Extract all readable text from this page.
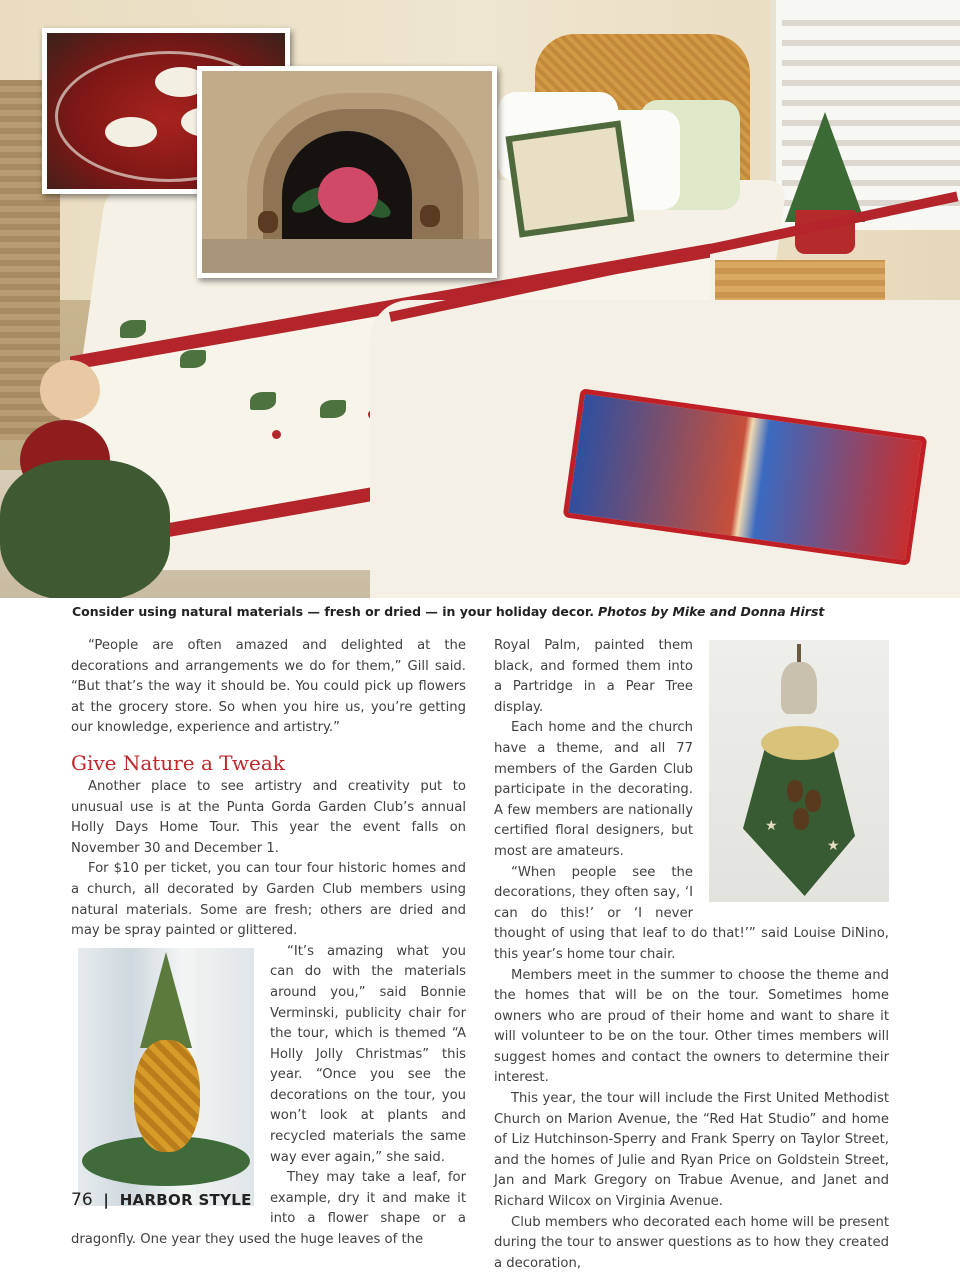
Consider using natural materials — fresh or dried — in your holiday decor. Photos by Mike and Donna Hirst

“People are often amazed and delighted at the decorations and arrangements we do for them,” Gill said. “But that’s the way it should be. You could pick up flowers at the grocery store. So when you hire us, you’re getting our knowledge, experience and artistry.”

Give Nature a Tweak

Another place to see artistry and creativity put to unusual use is at the Punta Gorda Garden Club’s annual Holly Days Home Tour. This year the event falls on November 30 and December 1.

For $10 per ticket, you can tour four historic homes and a church, all decorated by Garden Club members using natural materials. Some are fresh; others are dried and may be spray painted or glittered.

“It’s amazing what you can do with the materials around you,” said Bonnie Verminski, publicity chair for the tour, which is themed “A Holly Jolly Christmas” this year. “Once you see the decorations on the tour, you won’t look at plants and recycled materials the same way ever again,” she said.

They may take a leaf, for example, dry it and make it into a flower shape or a dragonfly. One year they used the huge leaves of the

★
★

Royal Palm, painted them black, and formed them into a Partridge in a Pear Tree display.

Each home and the church have a theme, and all 77 members of the Garden Club participate in the decorating. A few members are nationally certified floral designers, but most are amateurs.

“When people see the decorations, they often say, ‘I can do this!’ or ‘I never thought of using that leaf to do that!’” said Louise DiNino, this year’s home tour chair.

Members meet in the summer to choose the theme and the homes that will be on the tour. Sometimes home owners who are proud of their home and want to share it will volunteer to be on the tour. Other times members will suggest homes and contact the owners to determine their interest.

This year, the tour will include the First United Methodist Church on Marion Avenue, the “Red Hat Studio” and home of Liz Hutchinson-Sperry and Frank Sperry on Taylor Street, and the homes of Julie and Ryan Price on Goldstein Street, Jan and Mark Gregory on Trabue Avenue, and Janet and Richard Wilcox on Virginia Avenue.

Club members who decorated each home will be present during the tour to answer questions as to how they created a decoration,

76 | HARBOR STYLE
